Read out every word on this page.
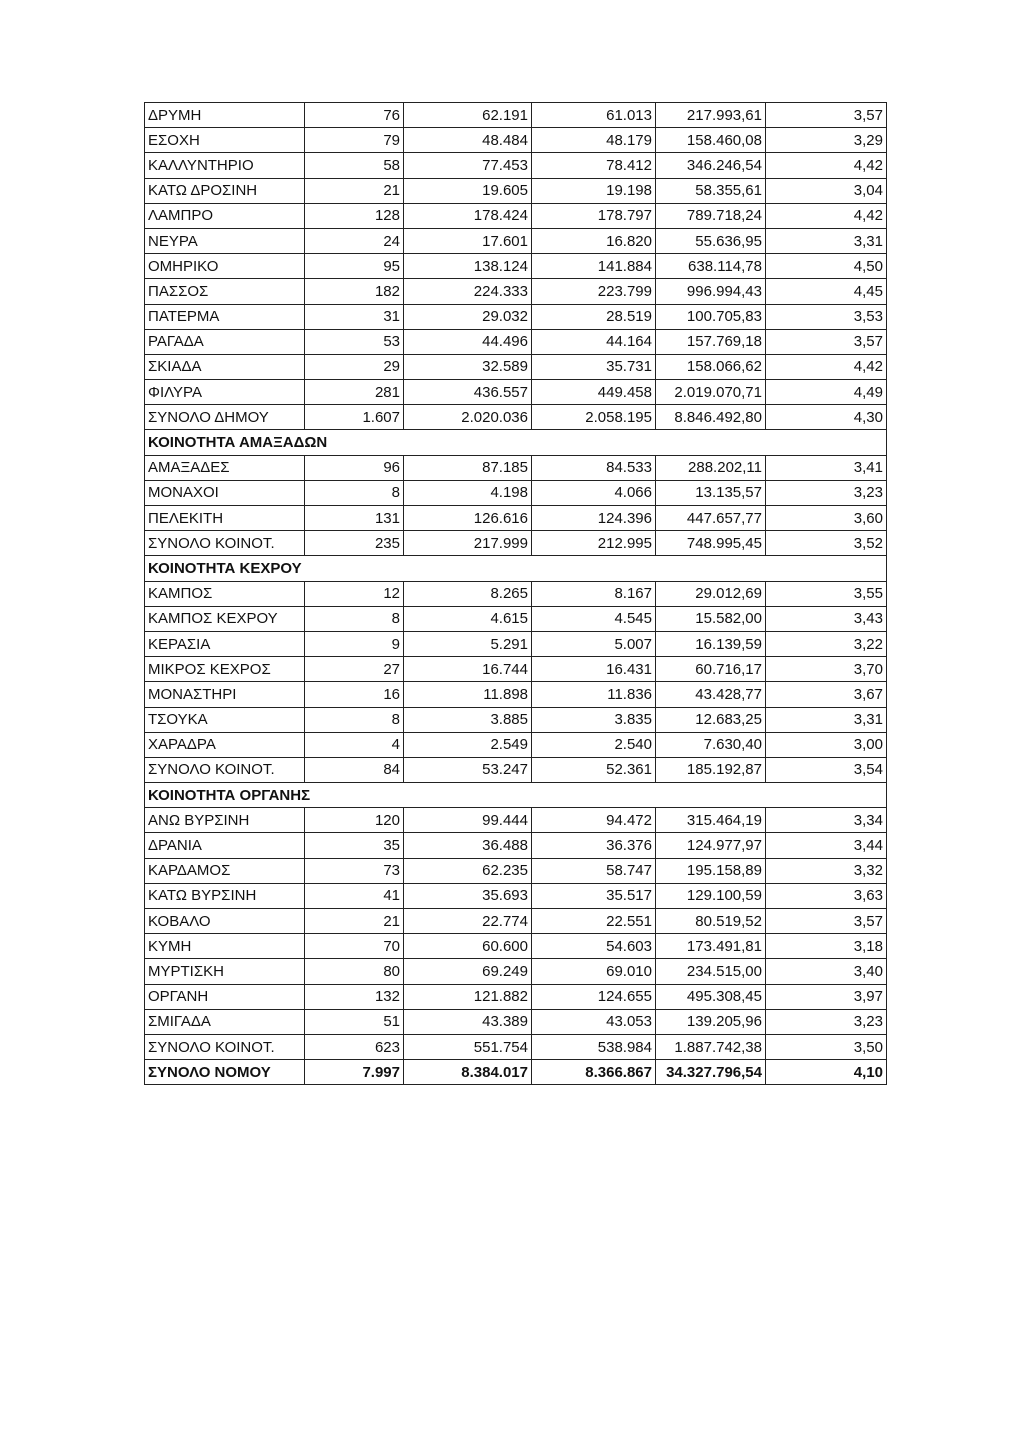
ΔΡΥΜΗ	76	62.191	61.013	217.993,61	3,57
ΕΣΟΧΗ	79	48.484	48.179	158.460,08	3,29
ΚΑΛΛΥΝΤΗΡΙΟ	58	77.453	78.412	346.246,54	4,42
ΚΑΤΩ ΔΡΟΣΙΝΗ	21	19.605	19.198	58.355,61	3,04
ΛΑΜΠΡΟ	128	178.424	178.797	789.718,24	4,42
ΝΕΥΡΑ	24	17.601	16.820	55.636,95	3,31
ΟΜΗΡΙΚΟ	95	138.124	141.884	638.114,78	4,50
ΠΑΣΣΟΣ	182	224.333	223.799	996.994,43	4,45
ΠΑΤΕΡΜΑ	31	29.032	28.519	100.705,83	3,53
ΡΑΓΑΔΑ	53	44.496	44.164	157.769,18	3,57
ΣΚΙΑΔΑ	29	32.589	35.731	158.066,62	4,42
ΦΙΛΥΡΑ	281	436.557	449.458	2.019.070,71	4,49
ΣΥΝΟΛΟ ΔΗΜΟΥ	1.607	2.020.036	2.058.195	8.846.492,80	4,30
ΚΟΙΝΟΤΗΤΑ ΑΜΑΞΑΔΩΝ					
ΑΜΑΞΑΔΕΣ	96	87.185	84.533	288.202,11	3,41
ΜΟΝΑΧΟΙ	8	4.198	4.066	13.135,57	3,23
ΠΕΛΕΚΙΤΗ	131	126.616	124.396	447.657,77	3,60
ΣΥΝΟΛΟ ΚΟΙΝΟΤ.	235	217.999	212.995	748.995,45	3,52
ΚΟΙΝΟΤΗΤΑ ΚΕΧΡΟΥ					
ΚΑΜΠΟΣ	12	8.265	8.167	29.012,69	3,55
ΚΑΜΠΟΣ ΚΕΧΡΟΥ	8	4.615	4.545	15.582,00	3,43
ΚΕΡΑΣΙΑ	9	5.291	5.007	16.139,59	3,22
ΜΙΚΡΟΣ ΚΕΧΡΟΣ	27	16.744	16.431	60.716,17	3,70
ΜΟΝΑΣΤΗΡΙ	16	11.898	11.836	43.428,77	3,67
ΤΣΟΥΚΑ	8	3.885	3.835	12.683,25	3,31
ΧΑΡΑΔΡΑ	4	2.549	2.540	7.630,40	3,00
ΣΥΝΟΛΟ ΚΟΙΝΟΤ.	84	53.247	52.361	185.192,87	3,54
ΚΟΙΝΟΤΗΤΑ ΟΡΓΑΝΗΣ					
ΑΝΩ ΒΥΡΣΙΝΗ	120	99.444	94.472	315.464,19	3,34
ΔΡΑΝΙΑ	35	36.488	36.376	124.977,97	3,44
ΚΑΡΔΑΜΟΣ	73	62.235	58.747	195.158,89	3,32
ΚΑΤΩ ΒΥΡΣΙΝΗ	41	35.693	35.517	129.100,59	3,63
ΚΟΒΑΛΟ	21	22.774	22.551	80.519,52	3,57
ΚΥΜΗ	70	60.600	54.603	173.491,81	3,18
ΜΥΡΤΙΣΚΗ	80	69.249	69.010	234.515,00	3,40
ΟΡΓΑΝΗ	132	121.882	124.655	495.308,45	3,97
ΣΜΙΓΑΔΑ	51	43.389	43.053	139.205,96	3,23
ΣΥΝΟΛΟ ΚΟΙΝΟΤ.	623	551.754	538.984	1.887.742,38	3,50
ΣΥΝΟΛΟ ΝΟΜΟΥ	7.997	8.384.017	8.366.867	34.327.796,54	4,10
